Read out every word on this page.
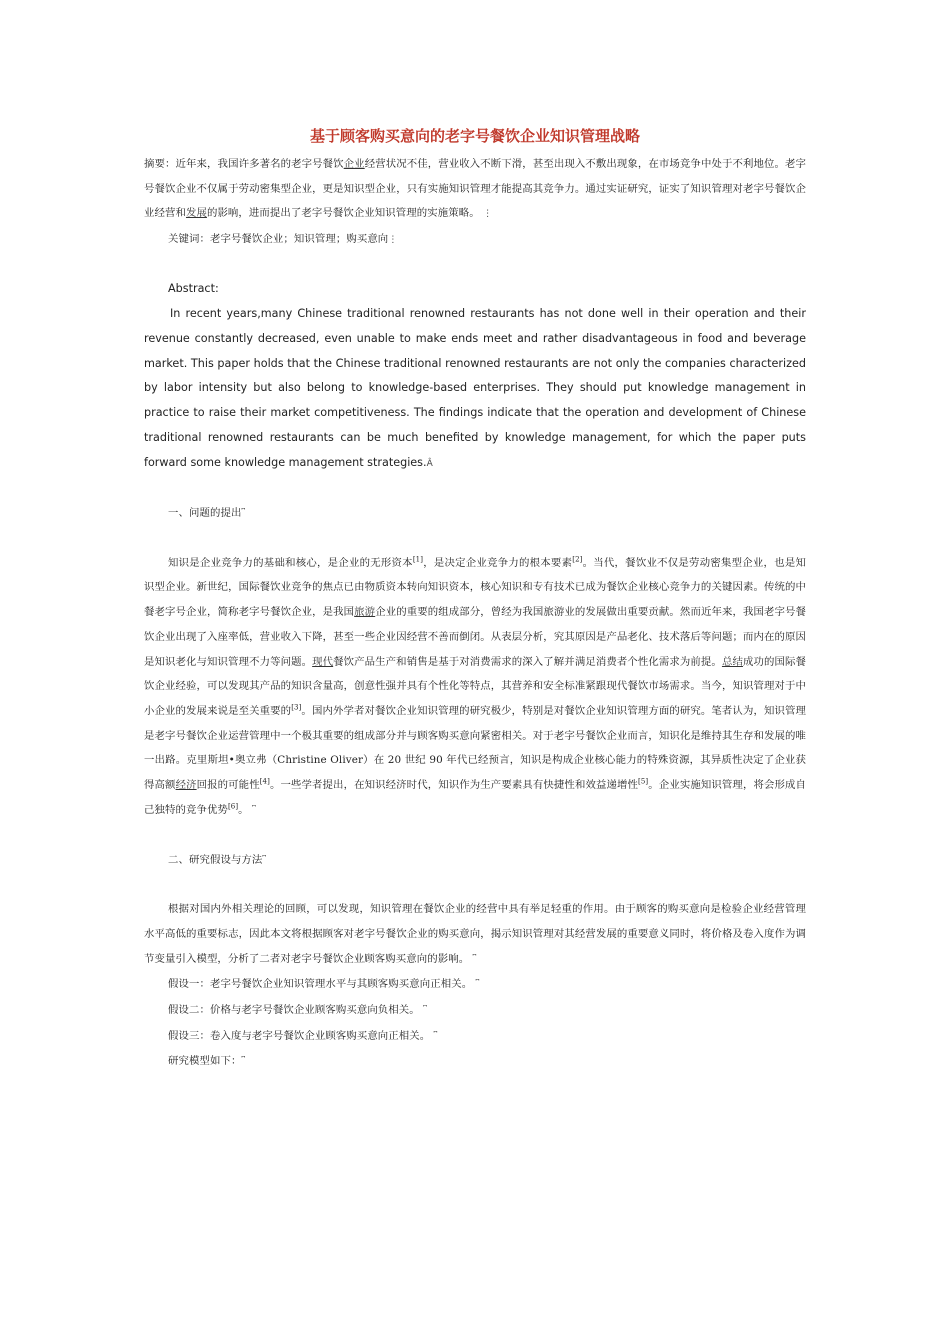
基于顾客购买意向的老字号餐饮企业知识管理战略

摘要：近年来，我国许多著名的老字号餐饮企业经营状况不佳，营业收入不断下滑，甚至出现入不敷出现象，在市场竞争中处于不利地位。老字号餐饮企业不仅属于劳动密集型企业，更是知识型企业，只有实施知识管理才能提高其竞争力。通过实证研究，证实了知识管理对老字号餐饮企业经营和发展的影响，进而提出了老字号餐饮企业知识管理的实施策略。 ⋮

关键词：老字号餐饮企业；知识管理；购买意向⋮

Abstract:

In recent years,many Chinese traditional renowned restaurants has not done well in their operation and their revenue constantly decreased, even unable to make ends meet and rather disadvantageous in food and beverage market. This paper holds that the Chinese traditional renowned restaurants are not only the companies characterized by labor intensity but also belong to knowledge-based enterprises. They should put knowledge management in practice to raise their market competitiveness. The findings indicate that the operation and development of Chinese traditional renowned restaurants can be much benefited by knowledge management, for which the paper puts forward some knowledge management strategies.Â

一、问题的提出⎴

知识是企业竞争力的基础和核心，是企业的无形资本[1]，是决定企业竞争力的根本要素[2]。当代，餐饮业不仅是劳动密集型企业，也是知识型企业。新世纪，国际餐饮业竞争的焦点已由物质资本转向知识资本，核心知识和专有技术已成为餐饮企业核心竞争力的关键因素。传统的中餐老字号企业，简称老字号餐饮企业，是我国旅游企业的重要的组成部分，曾经为我国旅游业的发展做出重要贡献。然而近年来，我国老字号餐饮企业出现了入座率低，营业收入下降，甚至一些企业因经营不善而倒闭。从表层分析，究其原因是产品老化、技术落后等问题；而内在的原因是知识老化与知识管理不力等问题。现代餐饮产品生产和销售是基于对消费需求的深入了解并满足消费者个性化需求为前提。总结成功的国际餐饮企业经验，可以发现其产品的知识含量高，创意性强并具有个性化等特点，其营养和安全标准紧跟现代餐饮市场需求。当今，知识管理对于中小企业的发展来说是至关重要的[3]。国内外学者对餐饮企业知识管理的研究极少，特别是对餐饮企业知识管理方面的研究。笔者认为，知识管理是老字号餐饮企业运营管理中一个极其重要的组成部分并与顾客购买意向紧密相关。对于老字号餐饮企业而言，知识化是维持其生存和发展的唯一出路。克里斯坦•奥立弗（Christine Oliver）在 20 世纪 90 年代已经预言，知识是构成企业核心能力的特殊资源，其异质性决定了企业获得高额经济回报的可能性[4]。一些学者提出，在知识经济时代，知识作为生产要素具有快捷性和效益递增性[5]。企业实施知识管理，将会形成自己独特的竞争优势[6]。 ⎴

二、研究假设与方法⎴

根据对国内外相关理论的回顾，可以发现，知识管理在餐饮企业的经营中具有举足轻重的作用。由于顾客的购买意向是检验企业经营管理水平高低的重要标志，因此本文将根据顾客对老字号餐饮企业的购买意向，揭示知识管理对其经营发展的重要意义同时，将价格及卷入度作为调节变量引入模型，分析了二者对老字号餐饮企业顾客购买意向的影响。 ⎴

假设一：老字号餐饮企业知识管理水平与其顾客购买意向正相关。 ⎴

假设二：价格与老字号餐饮企业顾客购买意向负相关。 ⎴

假设三：卷入度与老字号餐饮企业顾客购买意向正相关。 ⎴

研究模型如下：⎴
